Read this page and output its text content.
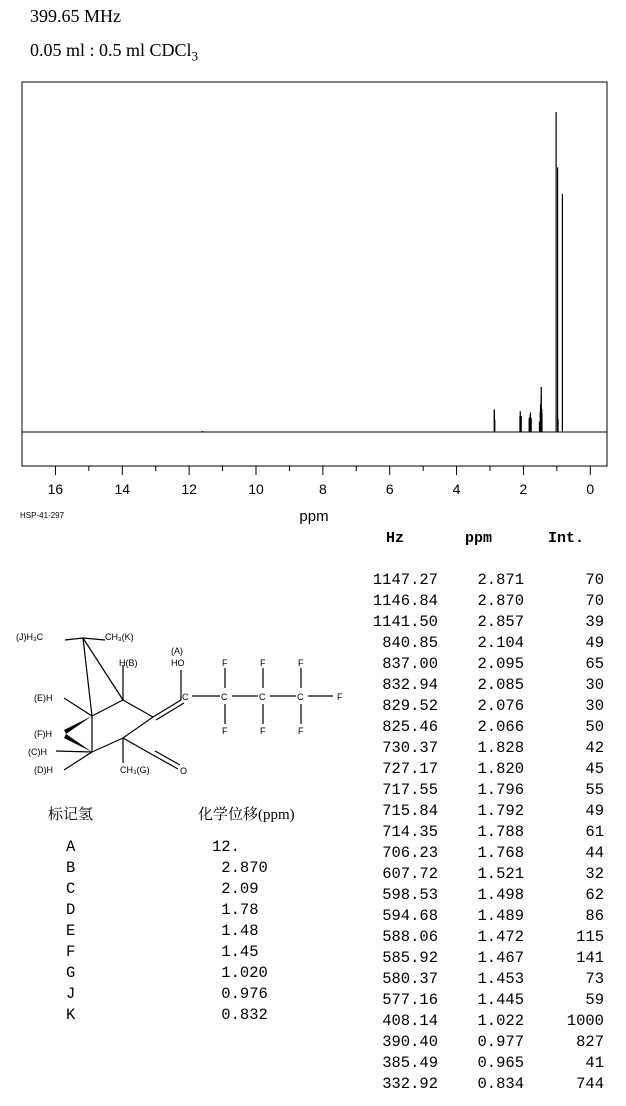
399.65 MHz
0.05 ml : 0.5 ml CDCl$_3$
16	14	12	10	8	6	4	2	0
ppm
HSP-41-297
Hz	ppm	Int.
1147.27	2.871	70
1146.84	2.870	70
1141.50	2.857	39
840.85	2.104	49
837.00	2.095	65
832.94	2.085	30
829.52	2.076	30
825.46	2.066	50
730.37	1.828	42
727.17	1.820	45
717.55	1.796	55
715.84	1.792	49
714.35	1.788	61
706.23	1.768	44
607.72	1.521	32
598.53	1.498	62
594.68	1.489	86
588.06	1.472	115
585.92	1.467	141
580.37	1.453	73
577.16	1.445	59
408.14	1.022	1000
390.40	0.977	827
385.49	0.965	41
332.92	0.834	744
(J)H₃C	CH₃(K)
H(B)
(A)
HO
(E)H
(F)H
(C)H
(D)H	CH₃(G)	O
C	C	C	C
F
F
F
F
F
F
F
标记氢	化学位移(ppm)
A	12.
B	2.870
C	2.09
D	1.78
E	1.48
F	1.45
G	1.020
J	0.976
K	0.832
